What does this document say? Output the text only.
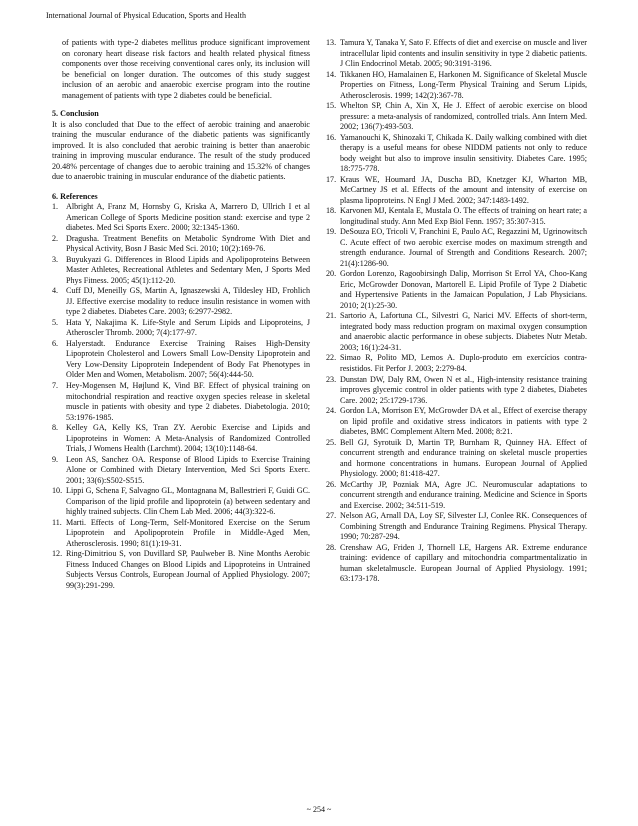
International Journal of Physical Education, Sports and Health

of patients with type-2 diabetes mellitus produce significant improvement on coronary heart disease risk factors and health related physical fitness components over those receiving conventional cares only, its inclusion will be beneficial on longer duration. The outcomes of this study suggest inclusion of an aerobic and anaerobic exercise program into the routine management of patients with type 2 diabetes could be beneficial.

5. Conclusion

It is also concluded that Due to the effect of aerobic training and anaerobic training the muscular endurance of the diabetic patients was significantly improved. It is also concluded that aerobic training is better than anaerobic training in improving muscular endurance. The result of the study produced 20.48% percentage of changes due to aerobic training and 15.32% of changes due to anaerobic training in muscular endurance of the diabetic patients.

6. References

1. Albright A, Franz M, Hornsby G, Kriska A, Marrero D, Ullrich I et al American College of Sports Medicine position stand: exercise and type 2 diabetes. Med Sci Sports Exerc. 2000; 32:1345-1360.
2. Dragusha. Treatment Benefits on Metabolic Syndrome With Diet and Physical Activity, Bosn J Basic Med Sci. 2010; 10(2):169-76.
3. Buyukyazi G. Differences in Blood Lipids and Apolipoproteins Between Master Athletes, Recreational Athletes and Sedentary Men, J Sports Med Phys Fitness. 2005; 45(1):112-20.
4. Cuff DJ, Meneilly GS, Martin A, Ignaszewski A, Tildesley HD, Frohlich JJ. Effective exercise modality to reduce insulin resistance in women with type 2 diabetes. Diabetes Care. 2003; 6:2977-2982.
5. Hata Y, Nakajima K. Life-Style and Serum Lipids and Lipoproteins, J Atheroscler Thromb. 2000; 7(4):177-97.
6. Halyerstadt. Endurance Exercise Training Raises High-Density Lipoprotein Cholesterol and Lowers Small Low-Density Lipoprotein and Very Low-Density Lipoprotein Independent of Body Fat Phenotypes in Older Men and Women, Metabolism. 2007; 56(4):444-50.
7. Hey-Mogensen M, Højlund K, Vind BF. Effect of physical training on mitochondrial respiration and reactive oxygen species release in skeletal muscle in patients with obesity and type 2 diabetes. Diabetologia. 2010; 53:1976-1985.
8. Kelley GA, Kelly KS, Tran ZY. Aerobic Exercise and Lipids and Lipoproteins in Women: A Meta-Analysis of Randomized Controlled Trials, J Womens Health (Larchmt). 2004; 13(10):1148-64.
9. Leon AS, Sanchez OA. Response of Blood Lipids to Exercise Training Alone or Combined with Dietary Intervention, Med Sci Sports Exerc. 2001; 33(6):S502-S515.
10. Lippi G, Schena F, Salvagno GL, Montagnana M, Ballestrieri F, Guidi GC. Comparison of the lipid profile and lipoprotein (a) between sedentary and highly trained subjects. Clin Chem Lab Med. 2006; 44(3):322-6.
11. Marti. Effects of Long-Term, Self-Monitored Exercise on the Serum Lipoprotein and Apolipoprotein Profile in Middle-Aged Men, Atherosclerosis. 1990; 81(1):19-31.
12. Ring-Dimitriou S, von Duvillard SP, Paulweber B. Nine Months Aerobic Fitness Induced Changes on Blood Lipids and Lipoproteins in Untrained Subjects Versus Controls, European Journal of Applied Physiology. 2007; 99(3):291-299.
13. Tamura Y, Tanaka Y, Sato F. Effects of diet and exercise on muscle and liver intracellular lipid contents and insulin sensitivity in type 2 diabetic patients. J Clin Endocrinol Metab. 2005; 90:3191-3196.
14. Tikkanen HO, Hamalainen E, Harkonen M. Significance of Skeletal Muscle Properties on Fitness, Long-Term Physical Training and Serum Lipids, Atherosclerosis. 1999; 142(2):367-78.
15. Whelton SP, Chin A, Xin X, He J. Effect of aerobic exercise on blood pressure: a meta-analysis of randomized, controlled trials. Ann Intern Med. 2002; 136(7):493-503.
16. Yamanouchi K, Shinozaki T, Chikada K. Daily walking combined with diet therapy is a useful means for obese NIDDM patients not only to reduce body weight but also to improve insulin sensitivity. Diabetes Care. 1995; 18:775-778.
17. Kraus WE, Houmard JA, Duscha BD, Knetzger KJ, Wharton MB, McCartney JS et al. Effects of the amount and intensity of exercise on plasma lipoproteins. N Engl J Med. 2002; 347:1483-1492.
18. Karvonen MJ, Kentala E, Mustala O. The effects of training on heart rate; a longitudinal study. Ann Med Exp Biol Fenn. 1957; 35:307-315.
19. DeSouza EO, Tricoli V, Franchini E, Paulo AC, Regazzini M, Ugrinowitsch C. Acute effect of two aerobic exercise modes on maximum strength and strength endurance. Journal of Strength and Conditions Research. 2007; 21(4):1286-90.
20. Gordon Lorenzo, Ragoobirsingh Dalip, Morrison St Errol YA, Choo-Kang Eric, McGrowder Donovan, Martorell E. Lipid Profile of Type 2 Diabetic and Hypertensive Patients in the Jamaican Population, J Lab Physicians. 2010; 2(1):25-30.
21. Sartorio A, Lafortuna CL, Silvestri G, Narici MV. Effects of short-term, integrated body mass reduction program on maximal oxygen consumption and anaerobic alactic performance in obese subjects. Diabetes Nutr Metab. 2003; 16(1):24-31.
22. Simao R, Polito MD, Lemos A. Duplo-produto em exercícios contra-resistidos. Fit Perfor J. 2003; 2:279-84.
23. Dunstan DW, Daly RM, Owen N et al., High-intensity resistance training improves glycemic control in older patients with type 2 diabetes, Diabetes Care. 2002; 25:1729-1736.
24. Gordon LA, Morrison EY, McGrowder DA et al., Effect of exercise therapy on lipid profile and oxidative stress indicators in patients with type 2 diabetes, BMC Complement Altern Med. 2008; 8:21.
25. Bell GJ, Syrotuik D, Martin TP, Burnham R, Quinney HA. Effect of concurrent strength and endurance training on skeletal muscle properties and hormone concentrations in humans. European Journal of Applied Physiology. 2000; 81:418-427.
26. McCarthy JP, Pozniak MA, Agre JC. Neuromuscular adaptations to concurrent strength and endurance training. Medicine and Science in Sports and Exercise. 2002; 34:511-519.
27. Nelson AG, Arnall DA, Loy SF, Silvester LJ, Conlee RK. Consequences of Combining Strength and Endurance Training Regimens. Physical Therapy. 1990; 70:287-294.
28. Crenshaw AG, Friden J, Thornell LE, Hargens AR. Extreme endurance training: evidence of capillary and mitochondria compartmentalizatio in human skeletalmuscle. European Journal of Applied Physiology. 1991; 63:173-178.
~ 254 ~
